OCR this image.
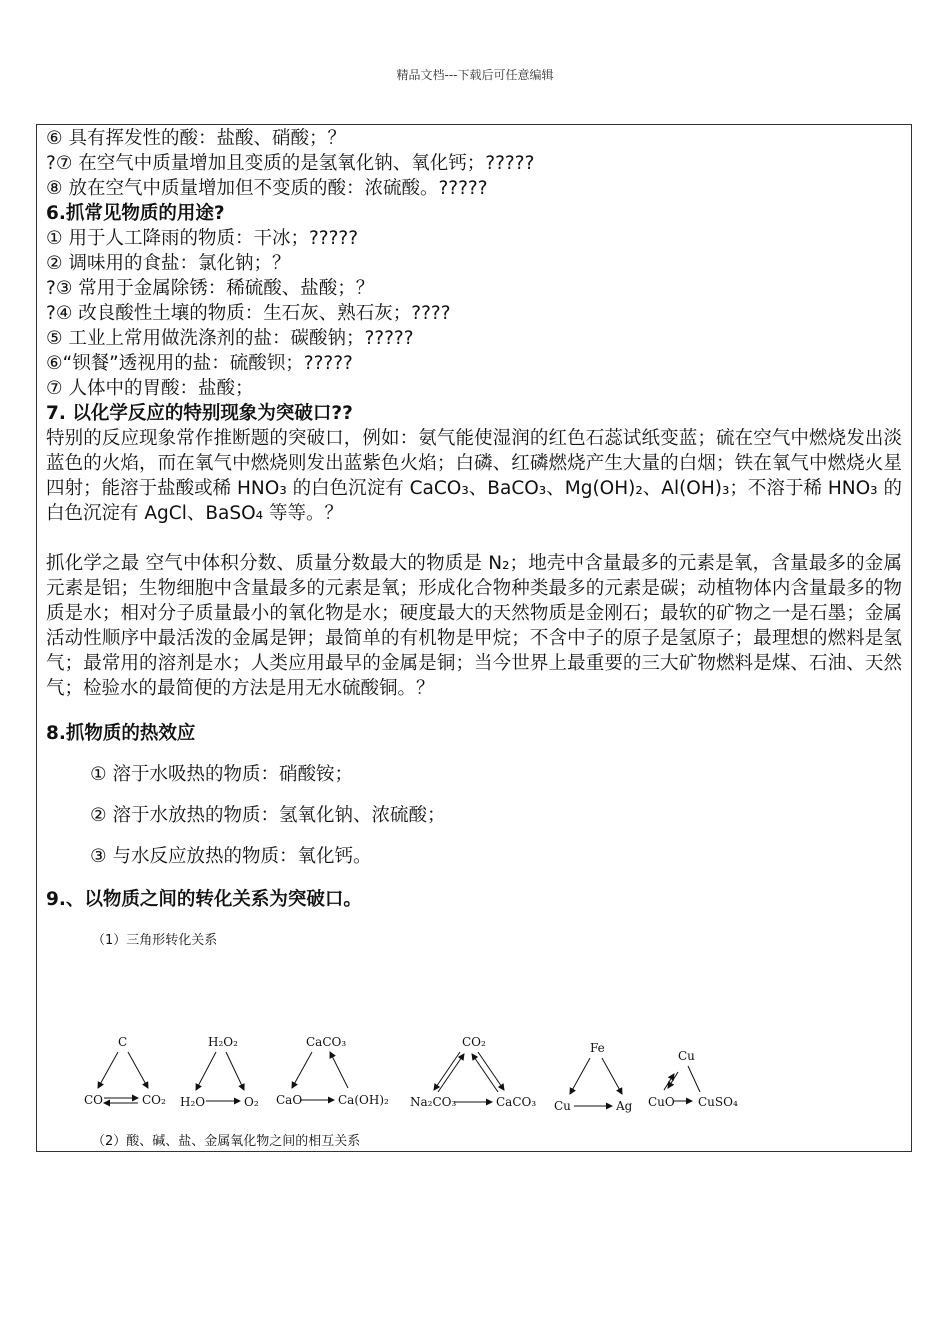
精品文档---下载后可任意编辑
⑥ 具有挥发性的酸：盐酸、硝酸；？
?⑦ 在空气中质量增加且变质的是氢氧化钠、氧化钙；?????
⑧ 放在空气中质量增加但不变质的酸：浓硫酸。?????
6.抓常见物质的用途?
① 用于人工降雨的物质：干冰；?????
② 调味用的食盐：氯化钠；？
?③ 常用于金属除锈：稀硫酸、盐酸；？
?④ 改良酸性土壤的物质：生石灰、熟石灰；????
⑤ 工业上常用做洗涤剂的盐：碳酸钠；?????
⑥“钡餐”透视用的盐：硫酸钡；?????
⑦ 人体中的胃酸：盐酸；
7. 以化学反应的特别现象为突破口??
特别的反应现象常作推断题的突破口，例如：氨气能使湿润的红色石蕊试纸变蓝；硫在空气中燃烧发出淡蓝色的火焰，而在氧气中燃烧则发出蓝紫色火焰；白磷、红磷燃烧产生大量的白烟；铁在氧气中燃烧火星四射；能溶于盐酸或稀 HNO₃ 的白色沉淀有 CaCO₃、BaCO₃、Mg(OH)₂、Al(OH)₃；不溶于稀 HNO₃ 的白色沉淀有 AgCl、BaSO₄ 等等。？
抓化学之最 空气中体积分数、质量分数最大的物质是 N₂；地壳中含量最多的元素是氧，含量最多的金属元素是铝；生物细胞中含量最多的元素是氧；形成化合物种类最多的元素是碳；动植物体内含量最多的物质是水；相对分子质量最小的氧化物是水；硬度最大的天然物质是金刚石；最软的矿物之一是石墨；金属活动性顺序中最活泼的金属是钾；最简单的有机物是甲烷；不含中子的原子是氢原子；最理想的燃料是氢气；最常用的溶剂是水；人类应用最早的金属是铜；当今世界上最重要的三大矿物燃料是煤、石油、天然气；检验水的最简便的方法是用无水硫酸铜。？
8.抓物质的热效应
① 溶于水吸热的物质：硝酸铵；
② 溶于水放热的物质：氢氧化钠、浓硫酸；
③ 与水反应放热的物质：氧化钙。
9.、以物质之间的转化关系为突破口。
（1）三角形转化关系
C
CO	CO₂
H₂O₂
H₂O	O₂
CaCO₃
CaO	Ca(OH)₂
CO₂
Na₂CO₃	CaCO₃
Fe
Cu	Ag
Cu
CuO CuSO₄
（2）酸、碱、盐、金属氧化物之间的相互关系
